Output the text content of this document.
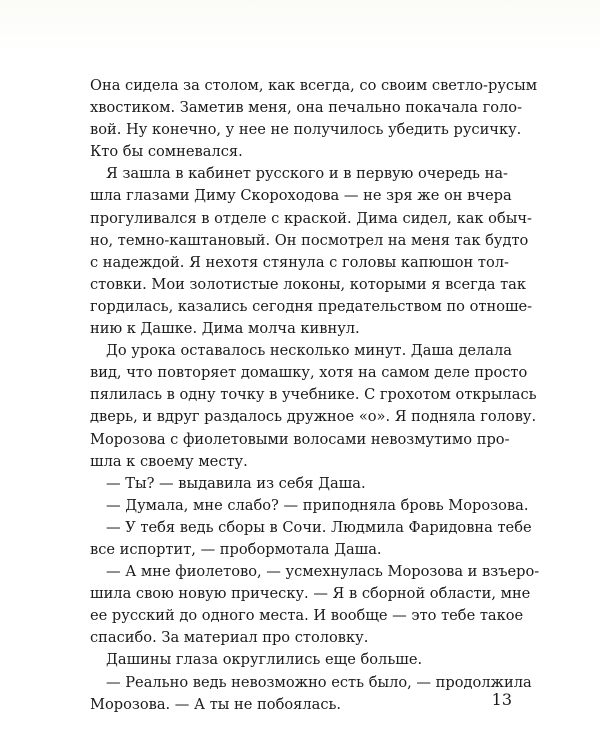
Она сидела за столом, как всегда, со своим светло-русым
хвостиком. Заметив меня, она печально покачала голо-
вой. Ну конечно, у нее не получилось убедить русичку.
Кто бы сомневался.
Я зашла в кабинет русского и в первую очередь на-
шла глазами Диму Скороходова — не зря же он вчера
прогуливался в отделе с краской. Дима сидел, как обыч-
но, темно-каштановый. Он посмотрел на меня так будто
с надеждой. Я нехотя стянула с головы капюшон тол-
стовки. Мои золотистые локоны, которыми я всегда так
гордилась, казались сегодня предательством по отноше-
нию к Дашке. Дима молча кивнул.
До урока оставалось несколько минут. Даша делала
вид, что повторяет домашку, хотя на самом деле просто
пялилась в одну точку в учебнике. С грохотом открылась
дверь, и вдруг раздалось дружное «о». Я подняла голову.
Морозова с фиолетовыми волосами невозмутимо про-
шла к своему месту.
— Ты? — выдавила из себя Даша.
— Думала, мне слабо? — приподняла бровь Морозова.
— У тебя ведь сборы в Сочи. Людмила Фаридовна тебе
все испортит, — пробормотала Даша.
— А мне фиолетово, — усмехнулась Морозова и взъеро-
шила свою новую прическу. — Я в сборной области, мне
ее русский до одного места. И вообще — это тебе такое
спасибо. За материал про столовку.
Дашины глаза округлились еще больше.
— Реально ведь невозможно есть было, — продолжила
Морозова. — А ты не побоялась.	13
